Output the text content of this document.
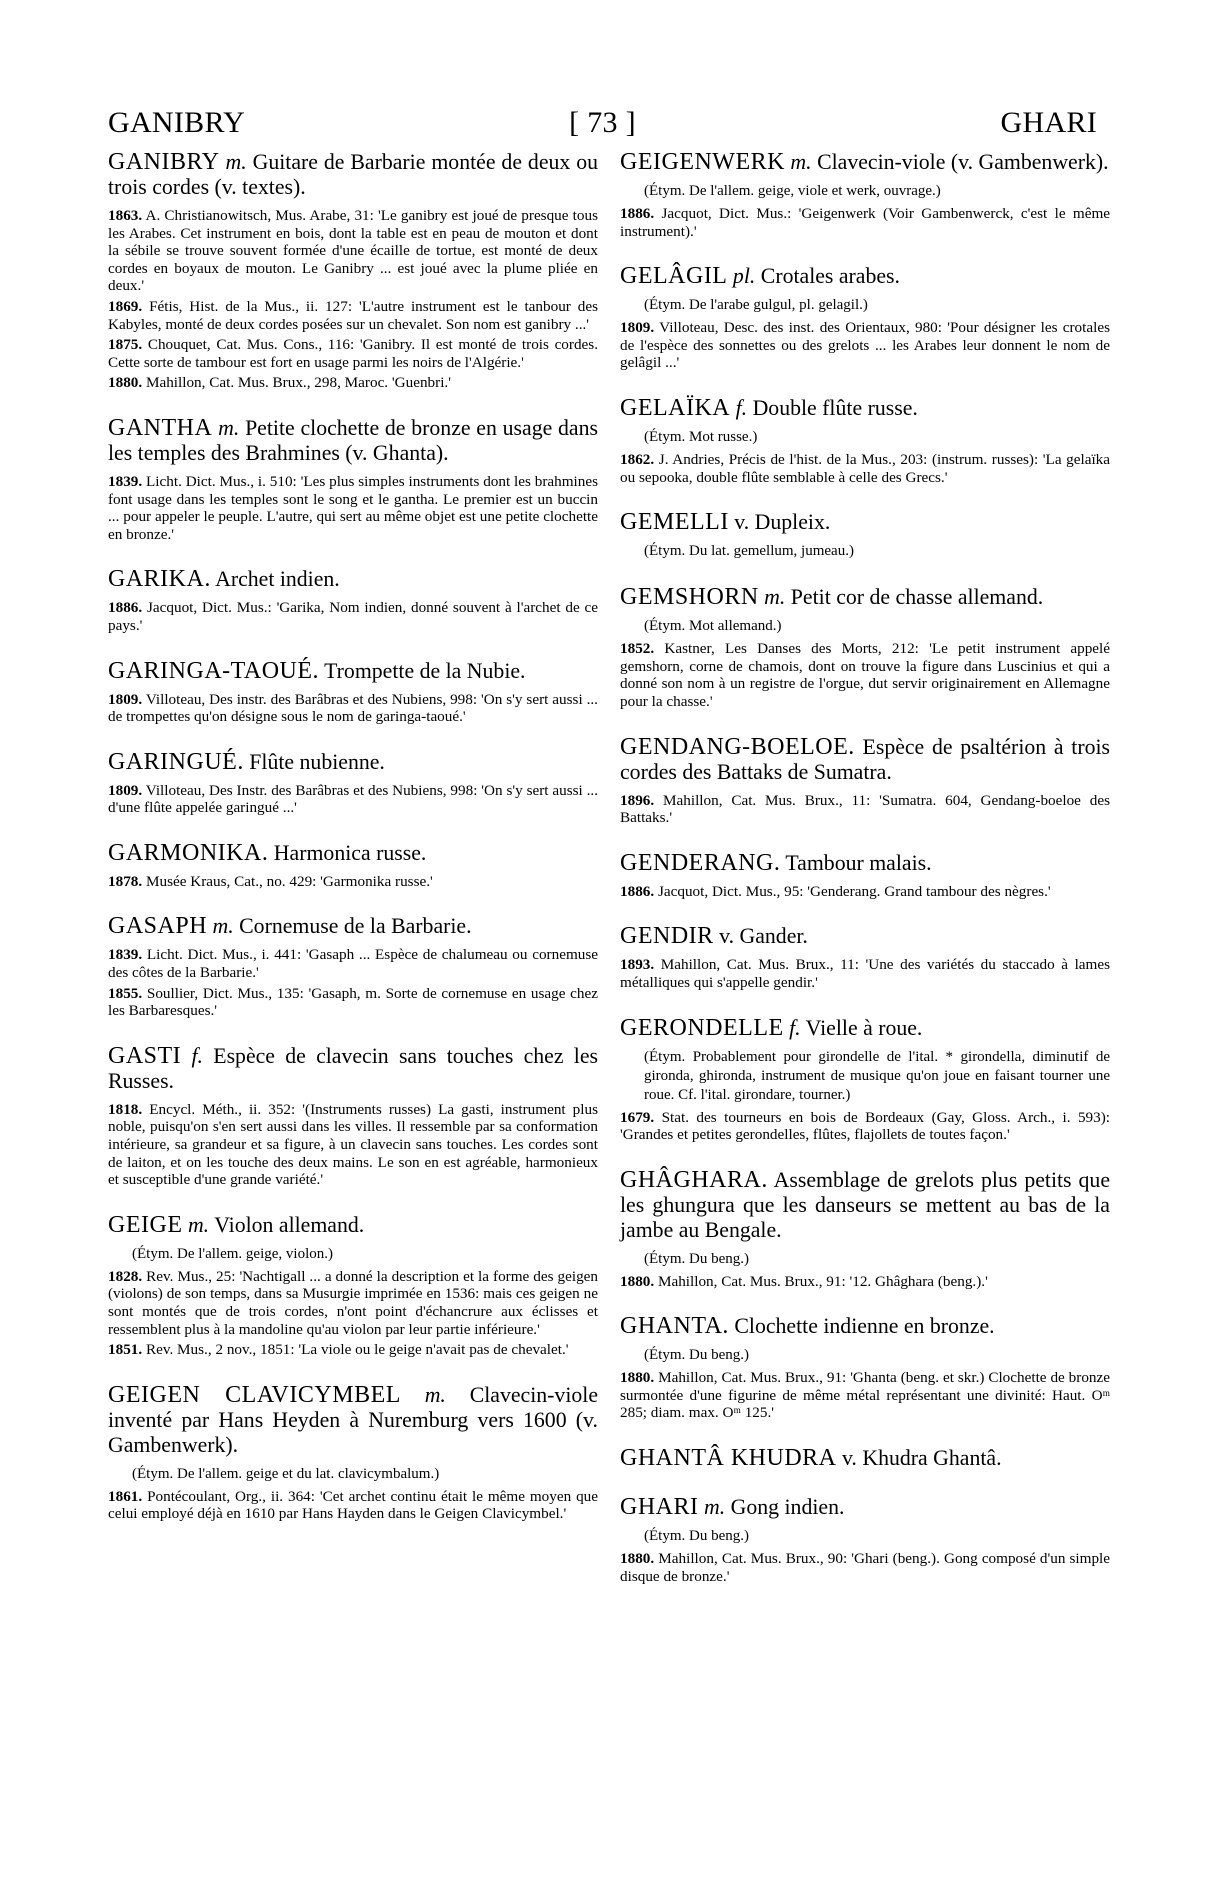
GANIBRY	[ 73 ]	GHARI
GANIBRY m. Guitare de Barbarie montée de deux ou trois cordes (v. textes).
1863. A. Christianowitsch, Mus. Arabe, 31: 'Le ganibry est joué de presque tous les Arabes. Cet instrument en bois, dont la table est en peau de mouton et dont la sébile se trouve souvent formée d'une écaille de tortue, est monté de deux cordes en boyaux de mouton. Le Ganibry ... est joué avec la plume pliée en deux.'
1869. Fétis, Hist. de la Mus., ii. 127: 'L'autre instrument est le tanbour des Kabyles, monté de deux cordes posées sur un chevalet. Son nom est ganibry ...'
1875. Chouquet, Cat. Mus. Cons., 116: 'Ganibry. Il est monté de trois cordes. Cette sorte de tambour est fort en usage parmi les noirs de l'Algérie.'
1880. Mahillon, Cat. Mus. Brux., 298, Maroc. 'Guenbri.'
GANTHA m. Petite clochette de bronze en usage dans les temples des Brahmines (v. Ghanta).
1839. Licht. Dict. Mus., i. 510: 'Les plus simples instruments dont les brahmines font usage dans les temples sont le song et le gantha. Le premier est un buccin ... pour appeler le peuple. L'autre, qui sert au même objet est une petite clochette en bronze.'
GARIKA. Archet indien.
1886. Jacquot, Dict. Mus.: 'Garika, Nom indien, donné souvent à l'archet de ce pays.'
GARINGA-TAOUÉ. Trompette de la Nubie.
1809. Villoteau, Des instr. des Barâbras et des Nubiens, 998: 'On s'y sert aussi ... de trompettes qu'on désigne sous le nom de garinga-taoué.'
GARINGUÉ. Flûte nubienne.
1809. Villoteau, Des Instr. des Barâbras et des Nubiens, 998: 'On s'y sert aussi ... d'une flûte appelée garingué ...'
GARMONIKA. Harmonica russe.
1878. Musée Kraus, Cat., no. 429: 'Garmonika russe.'
GASAPH m. Cornemuse de la Barbarie.
1839. Licht. Dict. Mus., i. 441: 'Gasaph ... Espèce de chalumeau ou cornemuse des côtes de la Barbarie.'
1855. Soullier, Dict. Mus., 135: 'Gasaph, m. Sorte de cornemuse en usage chez les Barbaresques.'
GASTI f. Espèce de clavecin sans touches chez les Russes.
1818. Encycl. Méth., ii. 352: '(Instruments russes) La gasti, instrument plus noble, puisqu'on s'en sert aussi dans les villes. Il ressemble par sa conformation intérieure, sa grandeur et sa figure, à un clavecin sans touches. Les cordes sont de laiton, et on les touche des deux mains. Le son en est agréable, harmonieux et susceptible d'une grande variété.'
GEIGE m. Violon allemand.
(Étym. De l'allem. geige, violon.)
1828. Rev. Mus., 25: 'Nachtigall ... a donné la description et la forme des geigen (violons) de son temps, dans sa Musurgie imprimée en 1536: mais ces geigen ne sont montés que de trois cordes, n'ont point d'échancrure aux éclisses et ressemblent plus à la mandoline qu'au violon par leur partie inférieure.'
1851. Rev. Mus., 2 nov., 1851: 'La viole ou le geige n'avait pas de chevalet.'
GEIGEN CLAVICYMBEL m. Clavecin-viole inventé par Hans Heyden à Nuremburg vers 1600 (v. Gambenwerk).
(Étym. De l'allem. geige et du lat. clavicymbalum.)
1861. Pontécoulant, Org., ii. 364: 'Cet archet continu était le même moyen que celui employé déjà en 1610 par Hans Hayden dans le Geigen Clavicymbel.'
GEIGENWERK m. Clavecin-viole (v. Gambenwerk).
(Étym. De l'allem. geige, viole et werk, ouvrage.)
1886. Jacquot, Dict. Mus.: 'Geigenwerk (Voir Gambenwerck, c'est le même instrument).'
GELÂGIL pl. Crotales arabes.
(Étym. De l'arabe gulgul, pl. gelagil.)
1809. Villoteau, Desc. des inst. des Orientaux, 980: 'Pour désigner les crotales de l'espèce des sonnettes ou des grelots ... les Arabes leur donnent le nom de gelâgil ...'
GELAÏKA f. Double flûte russe.
(Étym. Mot russe.)
1862. J. Andries, Précis de l'hist. de la Mus., 203: (instrum. russes): 'La gelaïka ou sepooka, double flûte semblable à celle des Grecs.'
GEMELLI v. Dupleix.
(Étym. Du lat. gemellum, jumeau.)
GEMSHORN m. Petit cor de chasse allemand.
(Étym. Mot allemand.)
1852. Kastner, Les Danses des Morts, 212: 'Le petit instrument appelé gemshorn, corne de chamois, dont on trouve la figure dans Luscinius et qui a donné son nom à un registre de l'orgue, dut servir originairement en Allemagne pour la chasse.'
GENDANG-BOELOE. Espèce de psaltérion à trois cordes des Battaks de Sumatra.
1896. Mahillon, Cat. Mus. Brux., 11: 'Sumatra. 604, Gendang-boeloe des Battaks.'
GENDERANG. Tambour malais.
1886. Jacquot, Dict. Mus., 95: 'Genderang. Grand tambour des nègres.'
GENDIR v. Gander.
1893. Mahillon, Cat. Mus. Brux., 11: 'Une des variétés du staccado à lames métalliques qui s'appelle gendir.'
GERONDELLE f. Vielle à roue.
(Étym. Probablement pour girondelle de l'ital. * girondella, diminutif de gironda, ghironda, instrument de musique qu'on joue en faisant tourner une roue. Cf. l'ital. girondare, tourner.)
1679. Stat. des tourneurs en bois de Bordeaux (Gay, Gloss. Arch., i. 593): 'Grandes et petites gerondelles, flûtes, flajollets de toutes façon.'
GHÂGHARA. Assemblage de grelots plus petits que les ghungura que les danseurs se mettent au bas de la jambe au Bengale.
(Étym. Du beng.)
1880. Mahillon, Cat. Mus. Brux., 91: '12. Ghâghara (beng.).'
GHANTA. Clochette indienne en bronze.
(Étym. Du beng.)
1880. Mahillon, Cat. Mus. Brux., 91: 'Ghanta (beng. et skr.) Clochette de bronze surmontée d'une figurine de même métal représentant une divinité: Haut. Oᵐ 285; diam. max. Oᵐ 125.'
GHANTÂ KHUDRA v. Khudra Ghantâ.
GHARI m. Gong indien.
(Étym. Du beng.)
1880. Mahillon, Cat. Mus. Brux., 90: 'Ghari (beng.). Gong composé d'un simple disque de bronze.'
